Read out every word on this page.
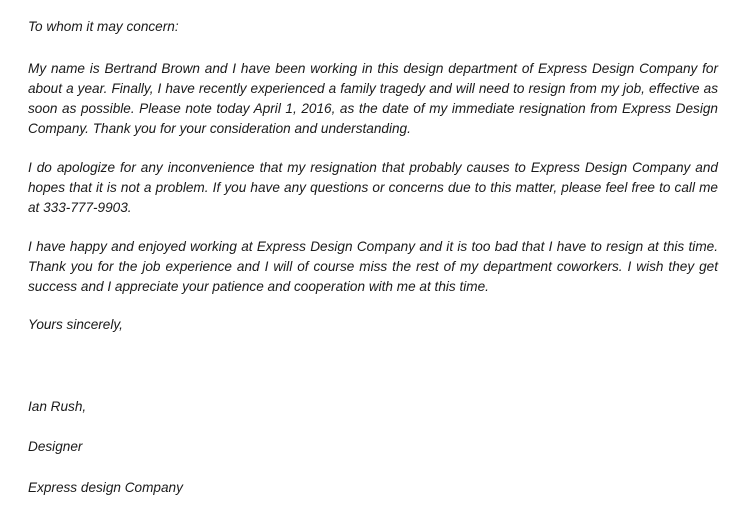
To whom it may concern:
My name is Bertrand Brown and I have been working in this design department of Express Design Company for about a year. Finally, I have recently experienced a family tragedy and will need to resign from my job, effective as soon as possible. Please note today April 1, 2016, as the date of my immediate resignation from Express Design Company. Thank you for your consideration and understanding.
I do apologize for any inconvenience that my resignation that probably causes to Express Design Company and hopes that it is not a problem. If you have any questions or concerns due to this matter, please feel free to call me at 333-777-9903.
I have happy and enjoyed working at Express Design Company and it is too bad that I have to resign at this time. Thank you for the job experience and I will of course miss the rest of my department coworkers. I wish they get success and I appreciate your patience and cooperation with me at this time.
Yours sincerely,
Ian Rush,
Designer
Express design Company
